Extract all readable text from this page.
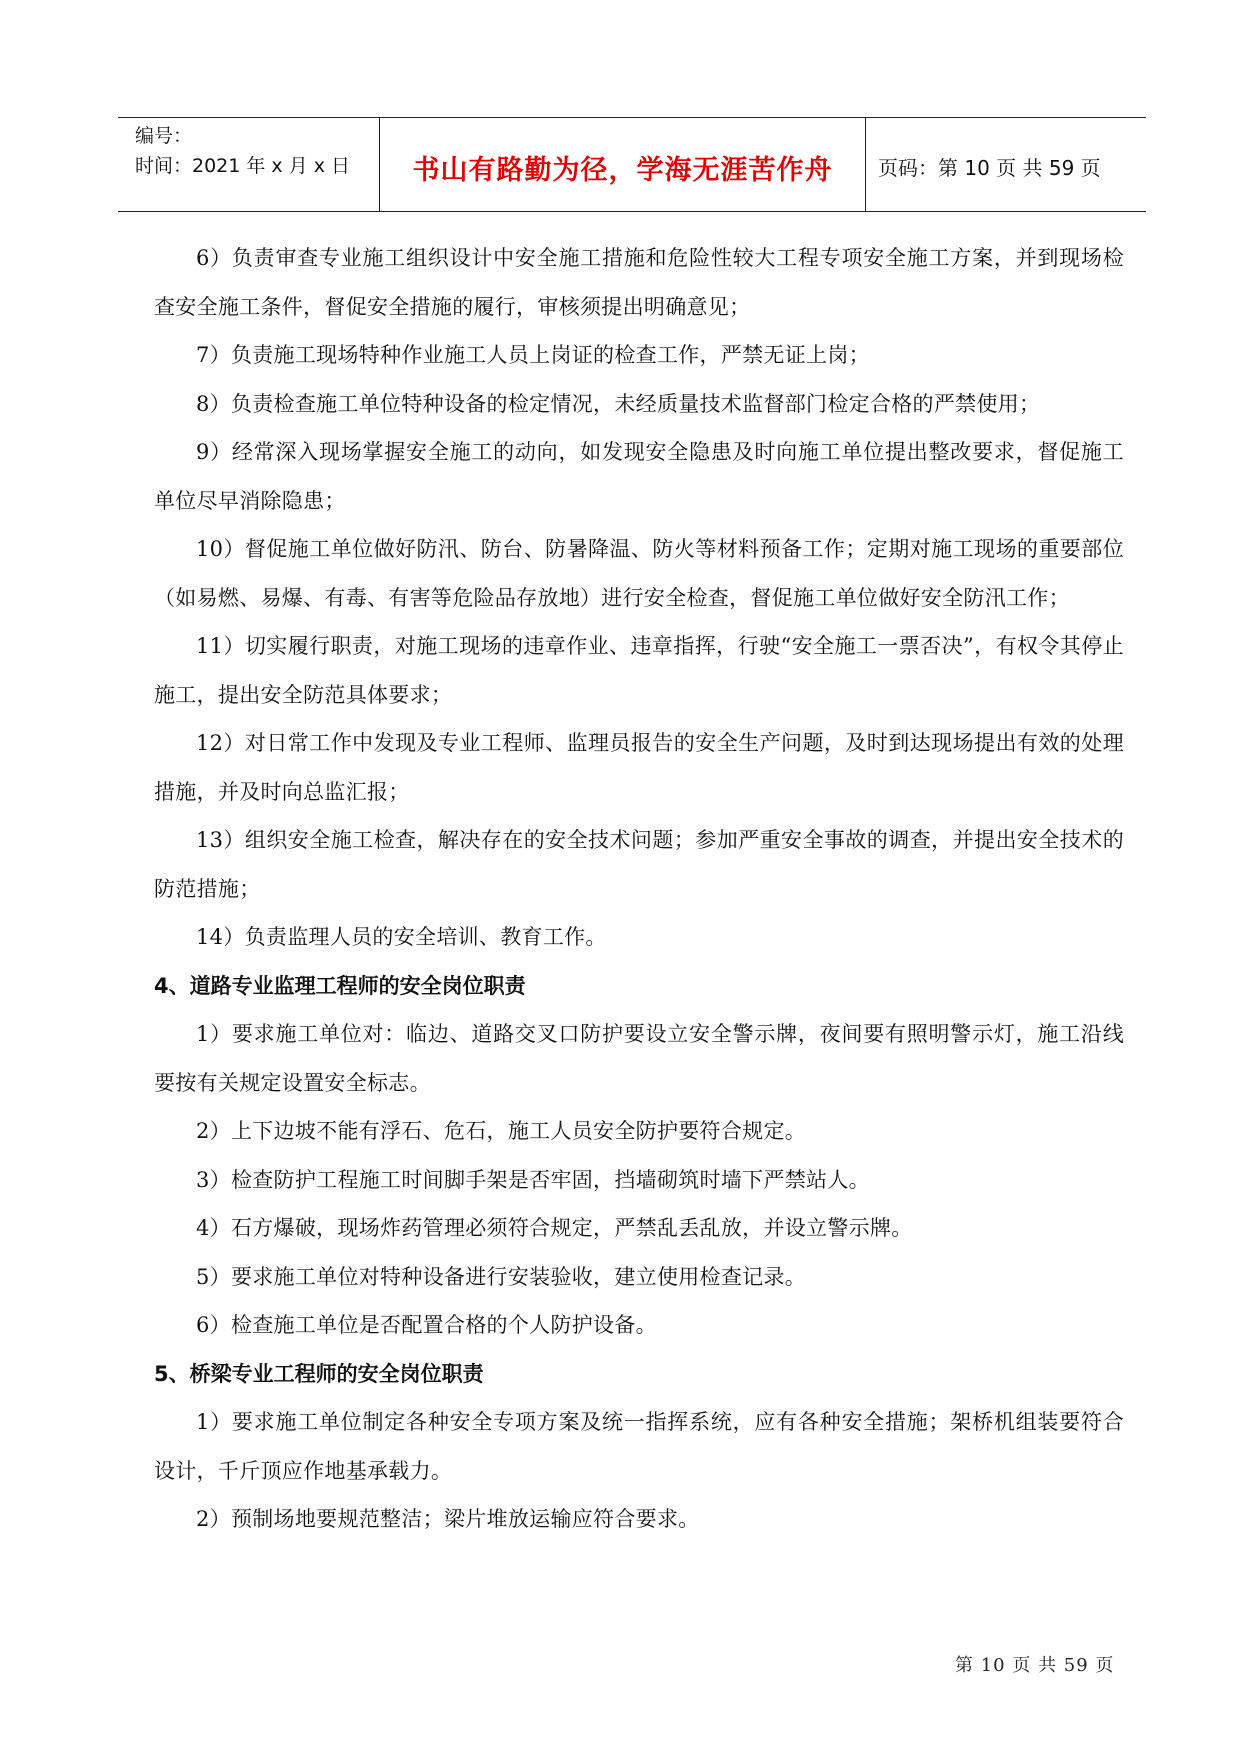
编号：
时间：2021 年 x 月 x 日	书山有路勤为径，学海无涯苦作舟	页码：第 10 页 共 59 页

6）负责审查专业施工组织设计中安全施工措施和危险性较大工程专项安全施工方案，并到现场检查安全施工条件，督促安全措施的履行，审核须提出明确意见；

7）负责施工现场特种作业施工人员上岗证的检查工作，严禁无证上岗；

8）负责检查施工单位特种设备的检定情况，未经质量技术监督部门检定合格的严禁使用；

9）经常深入现场掌握安全施工的动向，如发现安全隐患及时向施工单位提出整改要求，督促施工单位尽早消除隐患；

10）督促施工单位做好防汛、防台、防暑降温、防火等材料预备工作；定期对施工现场的重要部位（如易燃、易爆、有毒、有害等危险品存放地）进行安全检查，督促施工单位做好安全防汛工作；

11）切实履行职责，对施工现场的违章作业、违章指挥，行驶“安全施工一票否决”，有权令其停止施工，提出安全防范具体要求；

12）对日常工作中发现及专业工程师、监理员报告的安全生产问题，及时到达现场提出有效的处理措施，并及时向总监汇报；

13）组织安全施工检查，解决存在的安全技术问题；参加严重安全事故的调查，并提出安全技术的防范措施；

14）负责监理人员的安全培训、教育工作。

4、道路专业监理工程师的安全岗位职责

1）要求施工单位对：临边、道路交叉口防护要设立安全警示牌，夜间要有照明警示灯，施工沿线要按有关规定设置安全标志。

2）上下边坡不能有浮石、危石，施工人员安全防护要符合规定。

3）检查防护工程施工时间脚手架是否牢固，挡墙砌筑时墙下严禁站人。

4）石方爆破，现场炸药管理必须符合规定，严禁乱丢乱放，并设立警示牌。

5）要求施工单位对特种设备进行安装验收，建立使用检查记录。

6）检查施工单位是否配置合格的个人防护设备。

5、桥梁专业工程师的安全岗位职责

1）要求施工单位制定各种安全专项方案及统一指挥系统，应有各种安全措施；架桥机组装要符合设计，千斤顶应作地基承载力。

2）预制场地要规范整洁；梁片堆放运输应符合要求。

第 10 页 共 59 页
